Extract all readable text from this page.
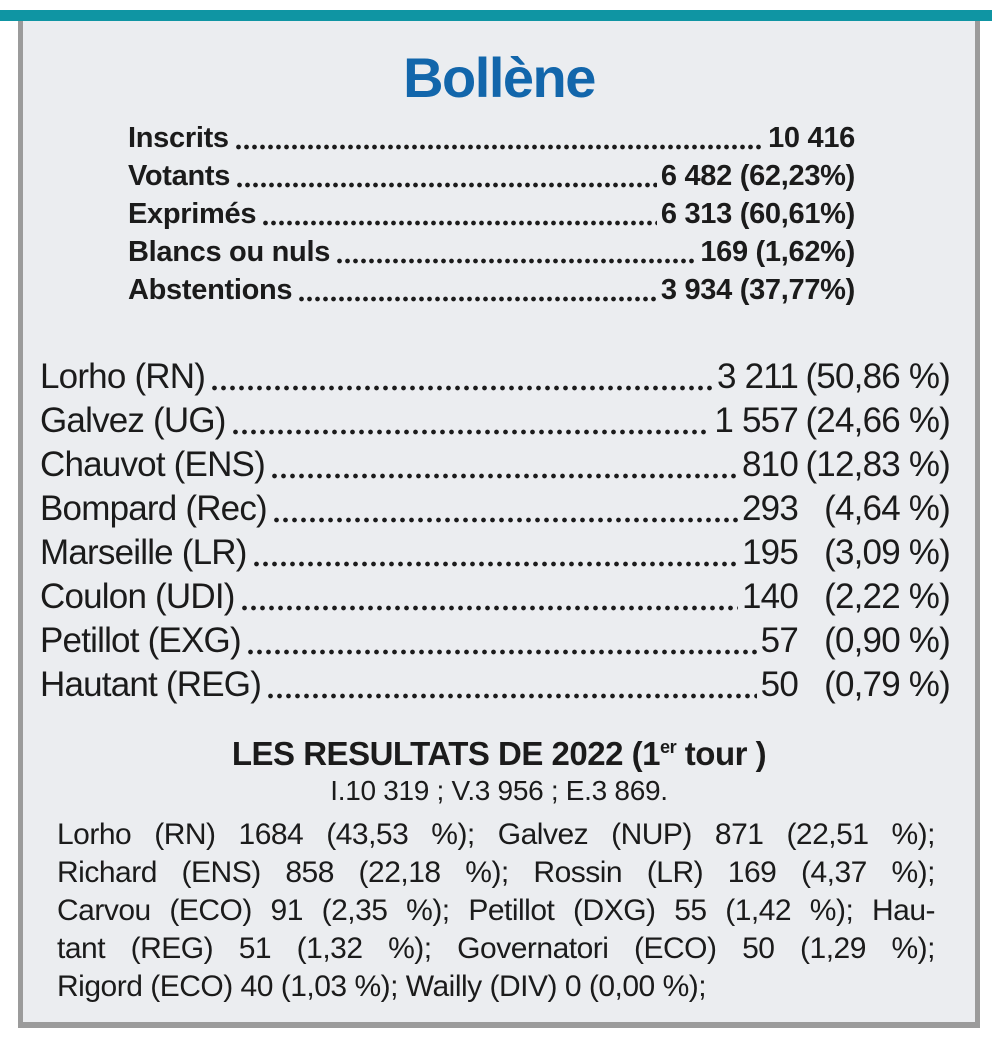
Bollène
Inscrits	10 416
Votants	6 482 (62,23%)
Exprimés	6 313 (60,61%)
Blancs ou nuls	169 (1,62%)
Abstentions	3 934 (37,77%)
Lorho (RN)	3 211 (50,86 %)
Galvez (UG)	1 557 (24,66 %)
Chauvot (ENS)	810 (12,83 %)
Bompard (Rec)	293 (4,64 %)
Marseille (LR)	195 (3,09 %)
Coulon (UDI)	140 (2,22 %)
Petillot (EXG)	57 (0,90 %)
Hautant (REG)	50 (0,79 %)
LES RESULTATS DE 2022 (1er tour )
I.10 319 ; V.3 956 ; E.3 869.
Lorho (RN) 1684 (43,53 %); Galvez (NUP) 871 (22,51 %);
Richard (ENS) 858 (22,18 %); Rossin (LR) 169 (4,37 %);
Carvou (ECO) 91 (2,35 %); Petillot (DXG) 55 (1,42 %); Hau-
tant (REG) 51 (1,32 %); Governatori (ECO) 50 (1,29 %);
Rigord (ECO) 40 (1,03 %); Wailly (DIV) 0 (0,00 %);
